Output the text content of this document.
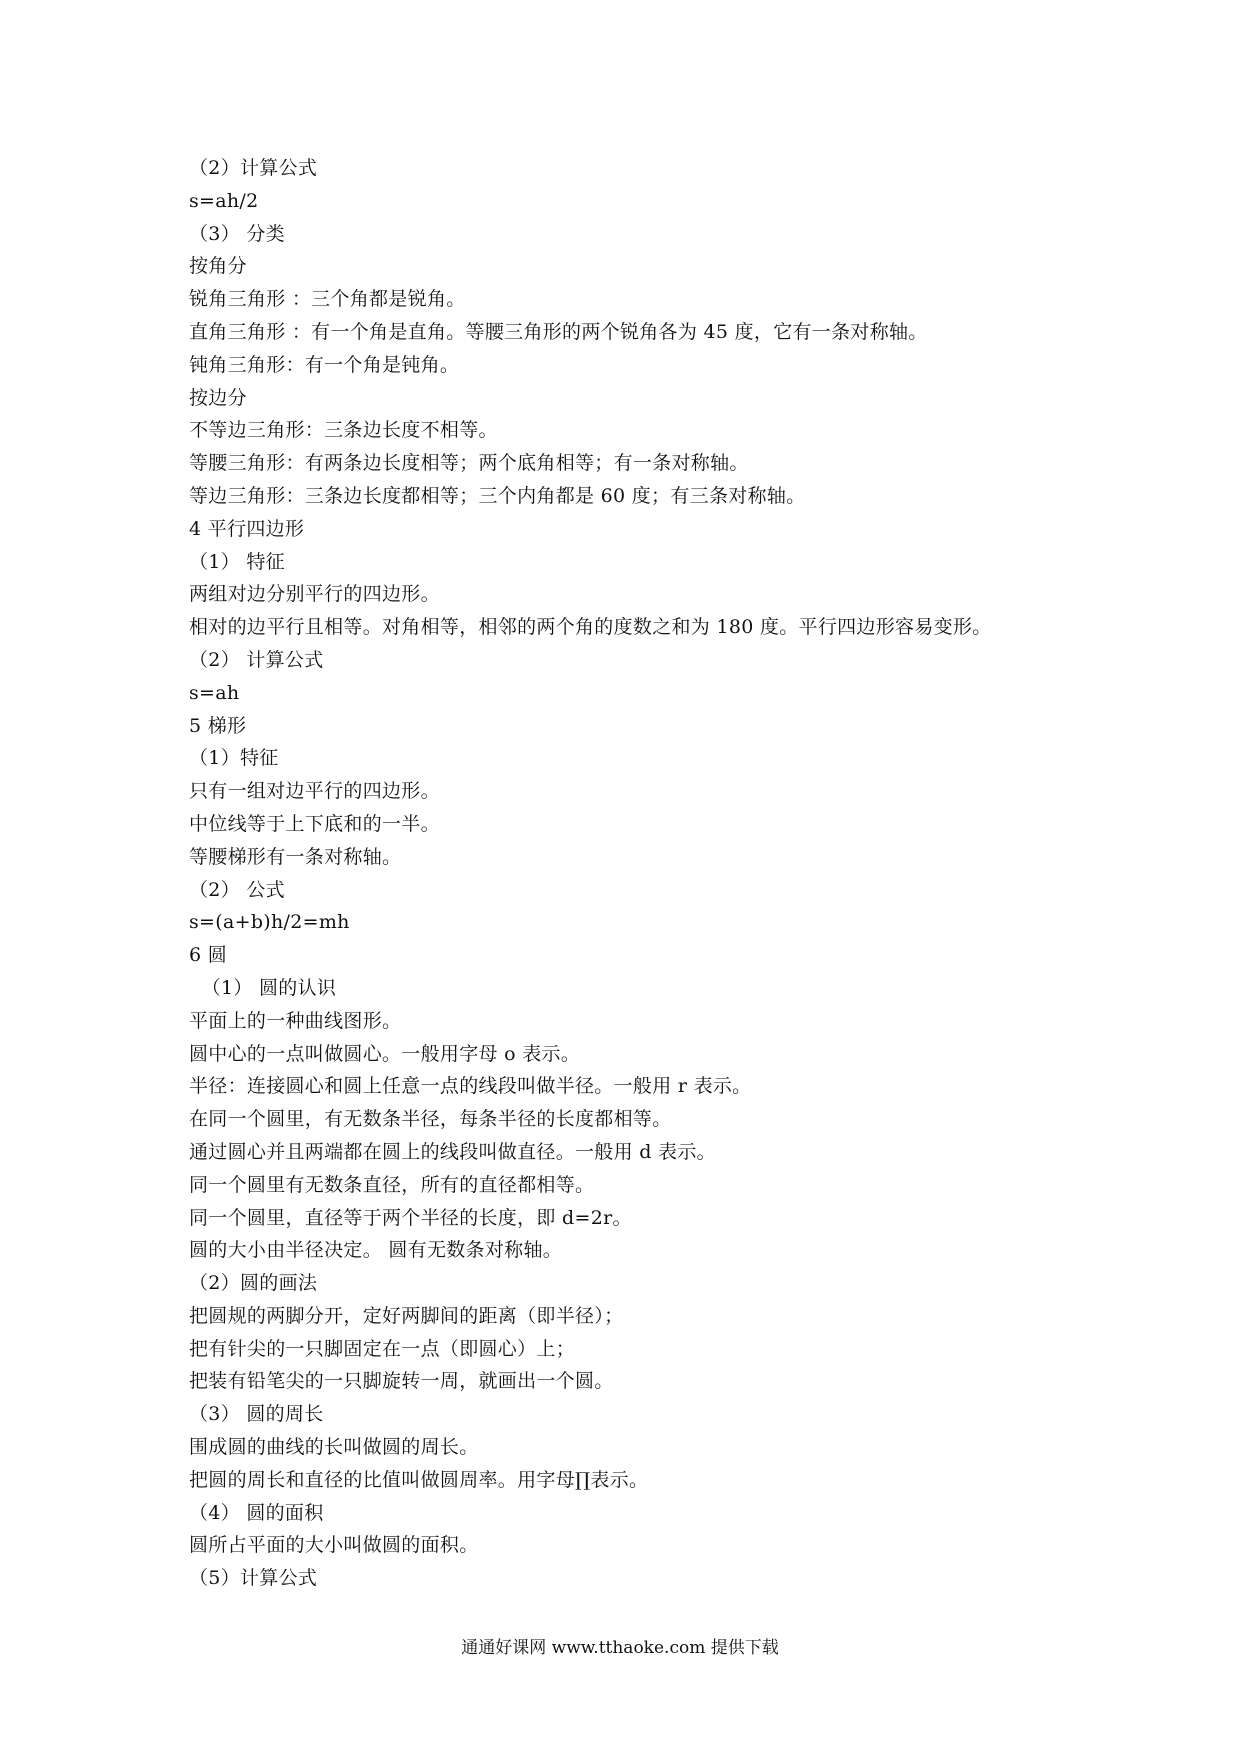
（2）计算公式
s=ah/2
（3） 分类
按角分
锐角三角形 ：三个角都是锐角。
直角三角形 ：有一个角是直角。等腰三角形的两个锐角各为 45 度，它有一条对称轴。
钝角三角形：有一个角是钝角。
按边分
不等边三角形：三条边长度不相等。
等腰三角形：有两条边长度相等；两个底角相等；有一条对称轴。
等边三角形：三条边长度都相等；三个内角都是 60 度；有三条对称轴。
4 平行四边形
（1） 特征
两组对边分别平行的四边形。
相对的边平行且相等。对角相等，相邻的两个角的度数之和为 180 度。平行四边形容易变形。
（2） 计算公式
s=ah
5 梯形
（1）特征
只有一组对边平行的四边形。
中位线等于上下底和的一半。
等腰梯形有一条对称轴。
（2） 公式
s=(a+b)h/2=mh
6 圆
（1） 圆的认识
平面上的一种曲线图形。
圆中心的一点叫做圆心。一般用字母 o 表示。
半径：连接圆心和圆上任意一点的线段叫做半径。一般用 r 表示。
在同一个圆里，有无数条半径，每条半径的长度都相等。
通过圆心并且两端都在圆上的线段叫做直径。一般用 d 表示。
同一个圆里有无数条直径，所有的直径都相等。
同一个圆里，直径等于两个半径的长度，即 d=2r。
圆的大小由半径决定。 圆有无数条对称轴。
（2）圆的画法
把圆规的两脚分开，定好两脚间的距离（即半径）；
把有针尖的一只脚固定在一点（即圆心）上；
把装有铅笔尖的一只脚旋转一周，就画出一个圆。
（3） 圆的周长
围成圆的曲线的长叫做圆的周长。
把圆的周长和直径的比值叫做圆周率。用字母∏表示。
（4） 圆的面积
圆所占平面的大小叫做圆的面积。
（5）计算公式
通通好课网 www.tthaoke.com 提供下载
